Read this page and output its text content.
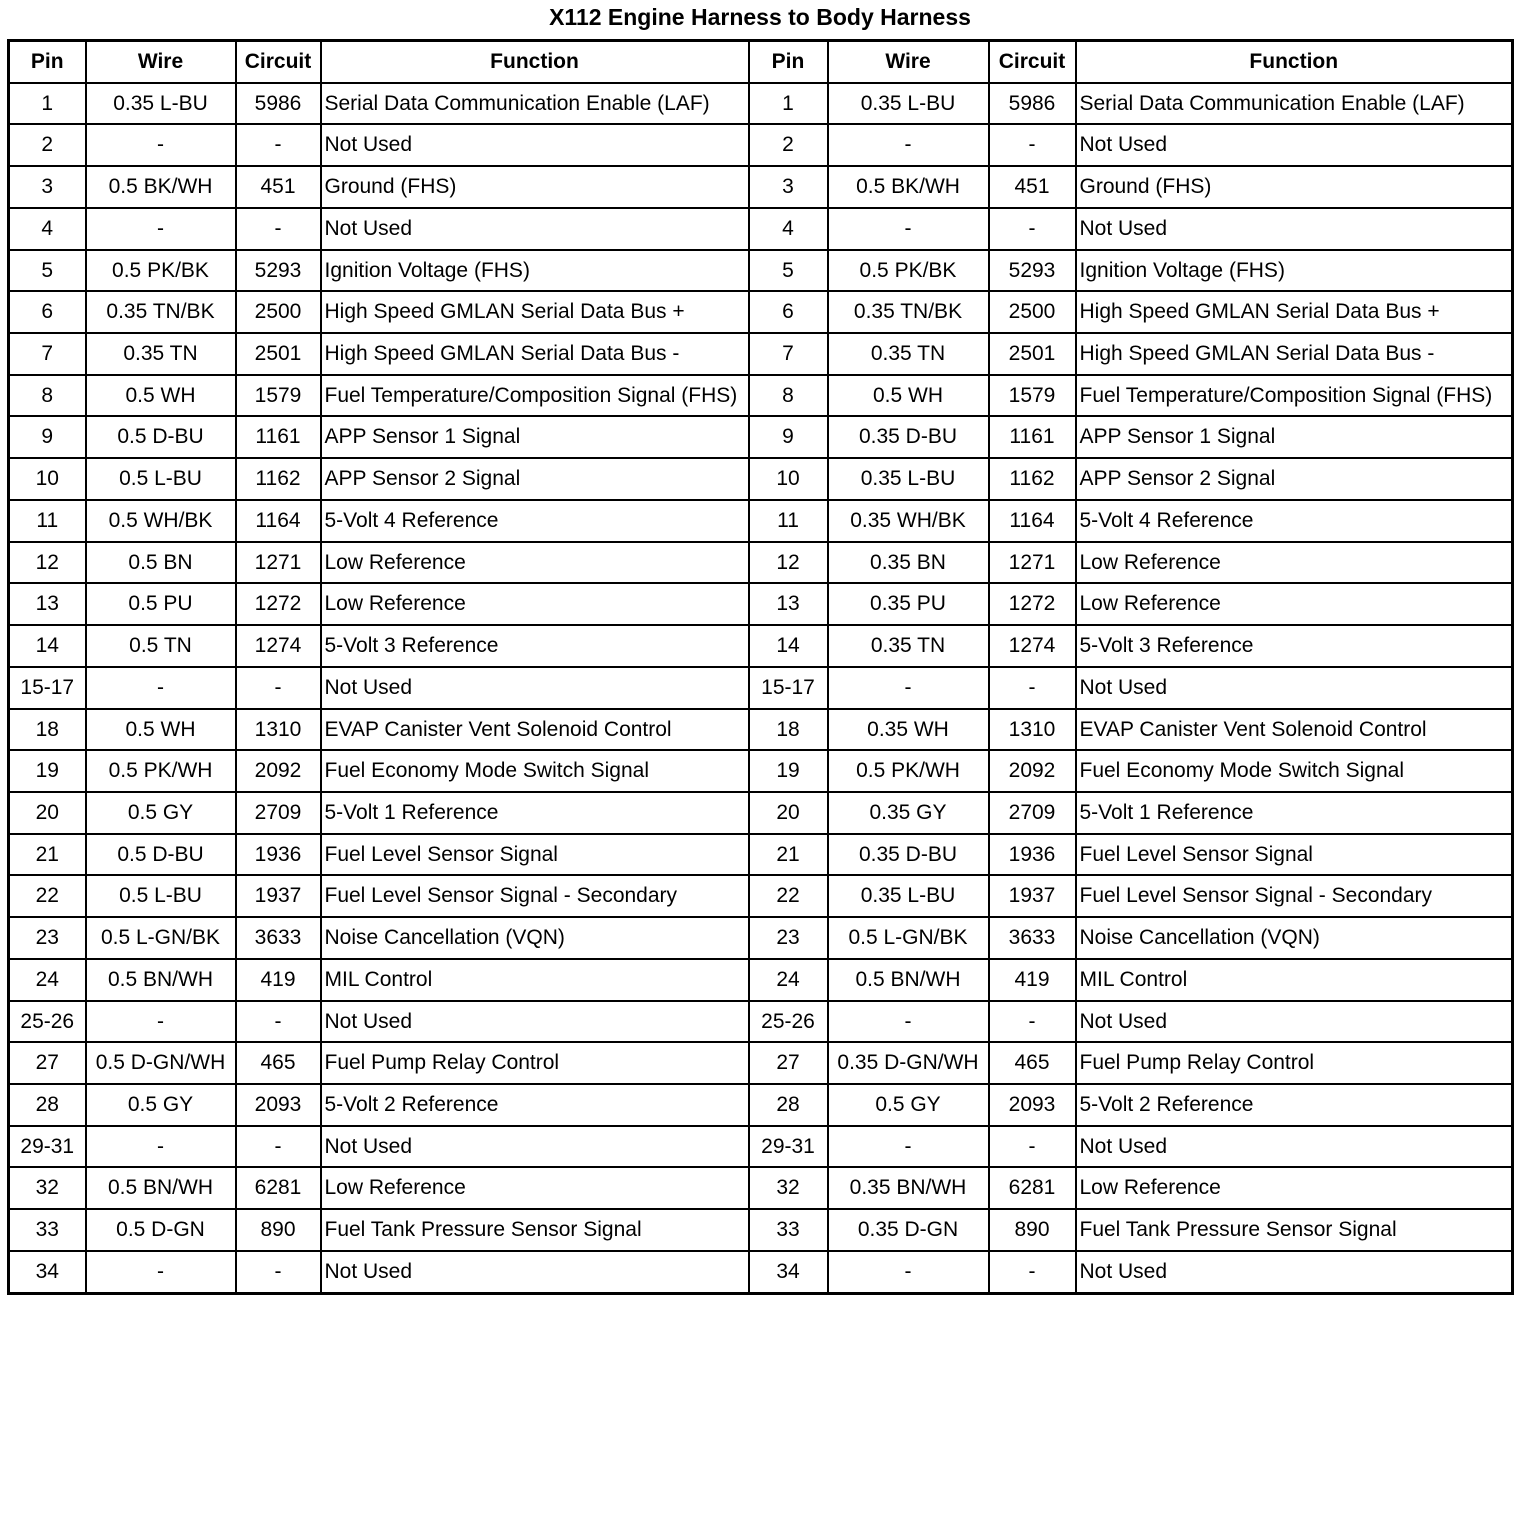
X112 Engine Harness to Body Harness
Pin	Wire	Circuit	Function	Pin	Wire	Circuit	Function
1	0.35 L-BU	5986	Serial Data Communication Enable (LAF)	1	0.35 L-BU	5986	Serial Data Communication Enable (LAF)
2	-	-	Not Used	2	-	-	Not Used
3	0.5 BK/WH	451	Ground (FHS)	3	0.5 BK/WH	451	Ground (FHS)
4	-	-	Not Used	4	-	-	Not Used
5	0.5 PK/BK	5293	Ignition Voltage (FHS)	5	0.5 PK/BK	5293	Ignition Voltage (FHS)
6	0.35 TN/BK	2500	High Speed GMLAN Serial Data Bus +	6	0.35 TN/BK	2500	High Speed GMLAN Serial Data Bus +
7	0.35 TN	2501	High Speed GMLAN Serial Data Bus -	7	0.35 TN	2501	High Speed GMLAN Serial Data Bus -
8	0.5 WH	1579	Fuel Temperature/Composition Signal (FHS)	8	0.5 WH	1579	Fuel Temperature/Composition Signal (FHS)
9	0.5 D-BU	1161	APP Sensor 1 Signal	9	0.35 D-BU	1161	APP Sensor 1 Signal
10	0.5 L-BU	1162	APP Sensor 2 Signal	10	0.35 L-BU	1162	APP Sensor 2 Signal
11	0.5 WH/BK	1164	5-Volt 4 Reference	11	0.35 WH/BK	1164	5-Volt 4 Reference
12	0.5 BN	1271	Low Reference	12	0.35 BN	1271	Low Reference
13	0.5 PU	1272	Low Reference	13	0.35 PU	1272	Low Reference
14	0.5 TN	1274	5-Volt 3 Reference	14	0.35 TN	1274	5-Volt 3 Reference
15-17	-	-	Not Used	15-17	-	-	Not Used
18	0.5 WH	1310	EVAP Canister Vent Solenoid Control	18	0.35 WH	1310	EVAP Canister Vent Solenoid Control
19	0.5 PK/WH	2092	Fuel Economy Mode Switch Signal	19	0.5 PK/WH	2092	Fuel Economy Mode Switch Signal
20	0.5 GY	2709	5-Volt 1 Reference	20	0.35 GY	2709	5-Volt 1 Reference
21	0.5 D-BU	1936	Fuel Level Sensor Signal	21	0.35 D-BU	1936	Fuel Level Sensor Signal
22	0.5 L-BU	1937	Fuel Level Sensor Signal - Secondary	22	0.35 L-BU	1937	Fuel Level Sensor Signal - Secondary
23	0.5 L-GN/BK	3633	Noise Cancellation (VQN)	23	0.5 L-GN/BK	3633	Noise Cancellation (VQN)
24	0.5 BN/WH	419	MIL Control	24	0.5 BN/WH	419	MIL Control
25-26	-	-	Not Used	25-26	-	-	Not Used
27	0.5 D-GN/WH	465	Fuel Pump Relay Control	27	0.35 D-GN/WH	465	Fuel Pump Relay Control
28	0.5 GY	2093	5-Volt 2 Reference	28	0.5 GY	2093	5-Volt 2 Reference
29-31	-	-	Not Used	29-31	-	-	Not Used
32	0.5 BN/WH	6281	Low Reference	32	0.35 BN/WH	6281	Low Reference
33	0.5 D-GN	890	Fuel Tank Pressure Sensor Signal	33	0.35 D-GN	890	Fuel Tank Pressure Sensor Signal
34	-	-	Not Used	34	-	-	Not Used
